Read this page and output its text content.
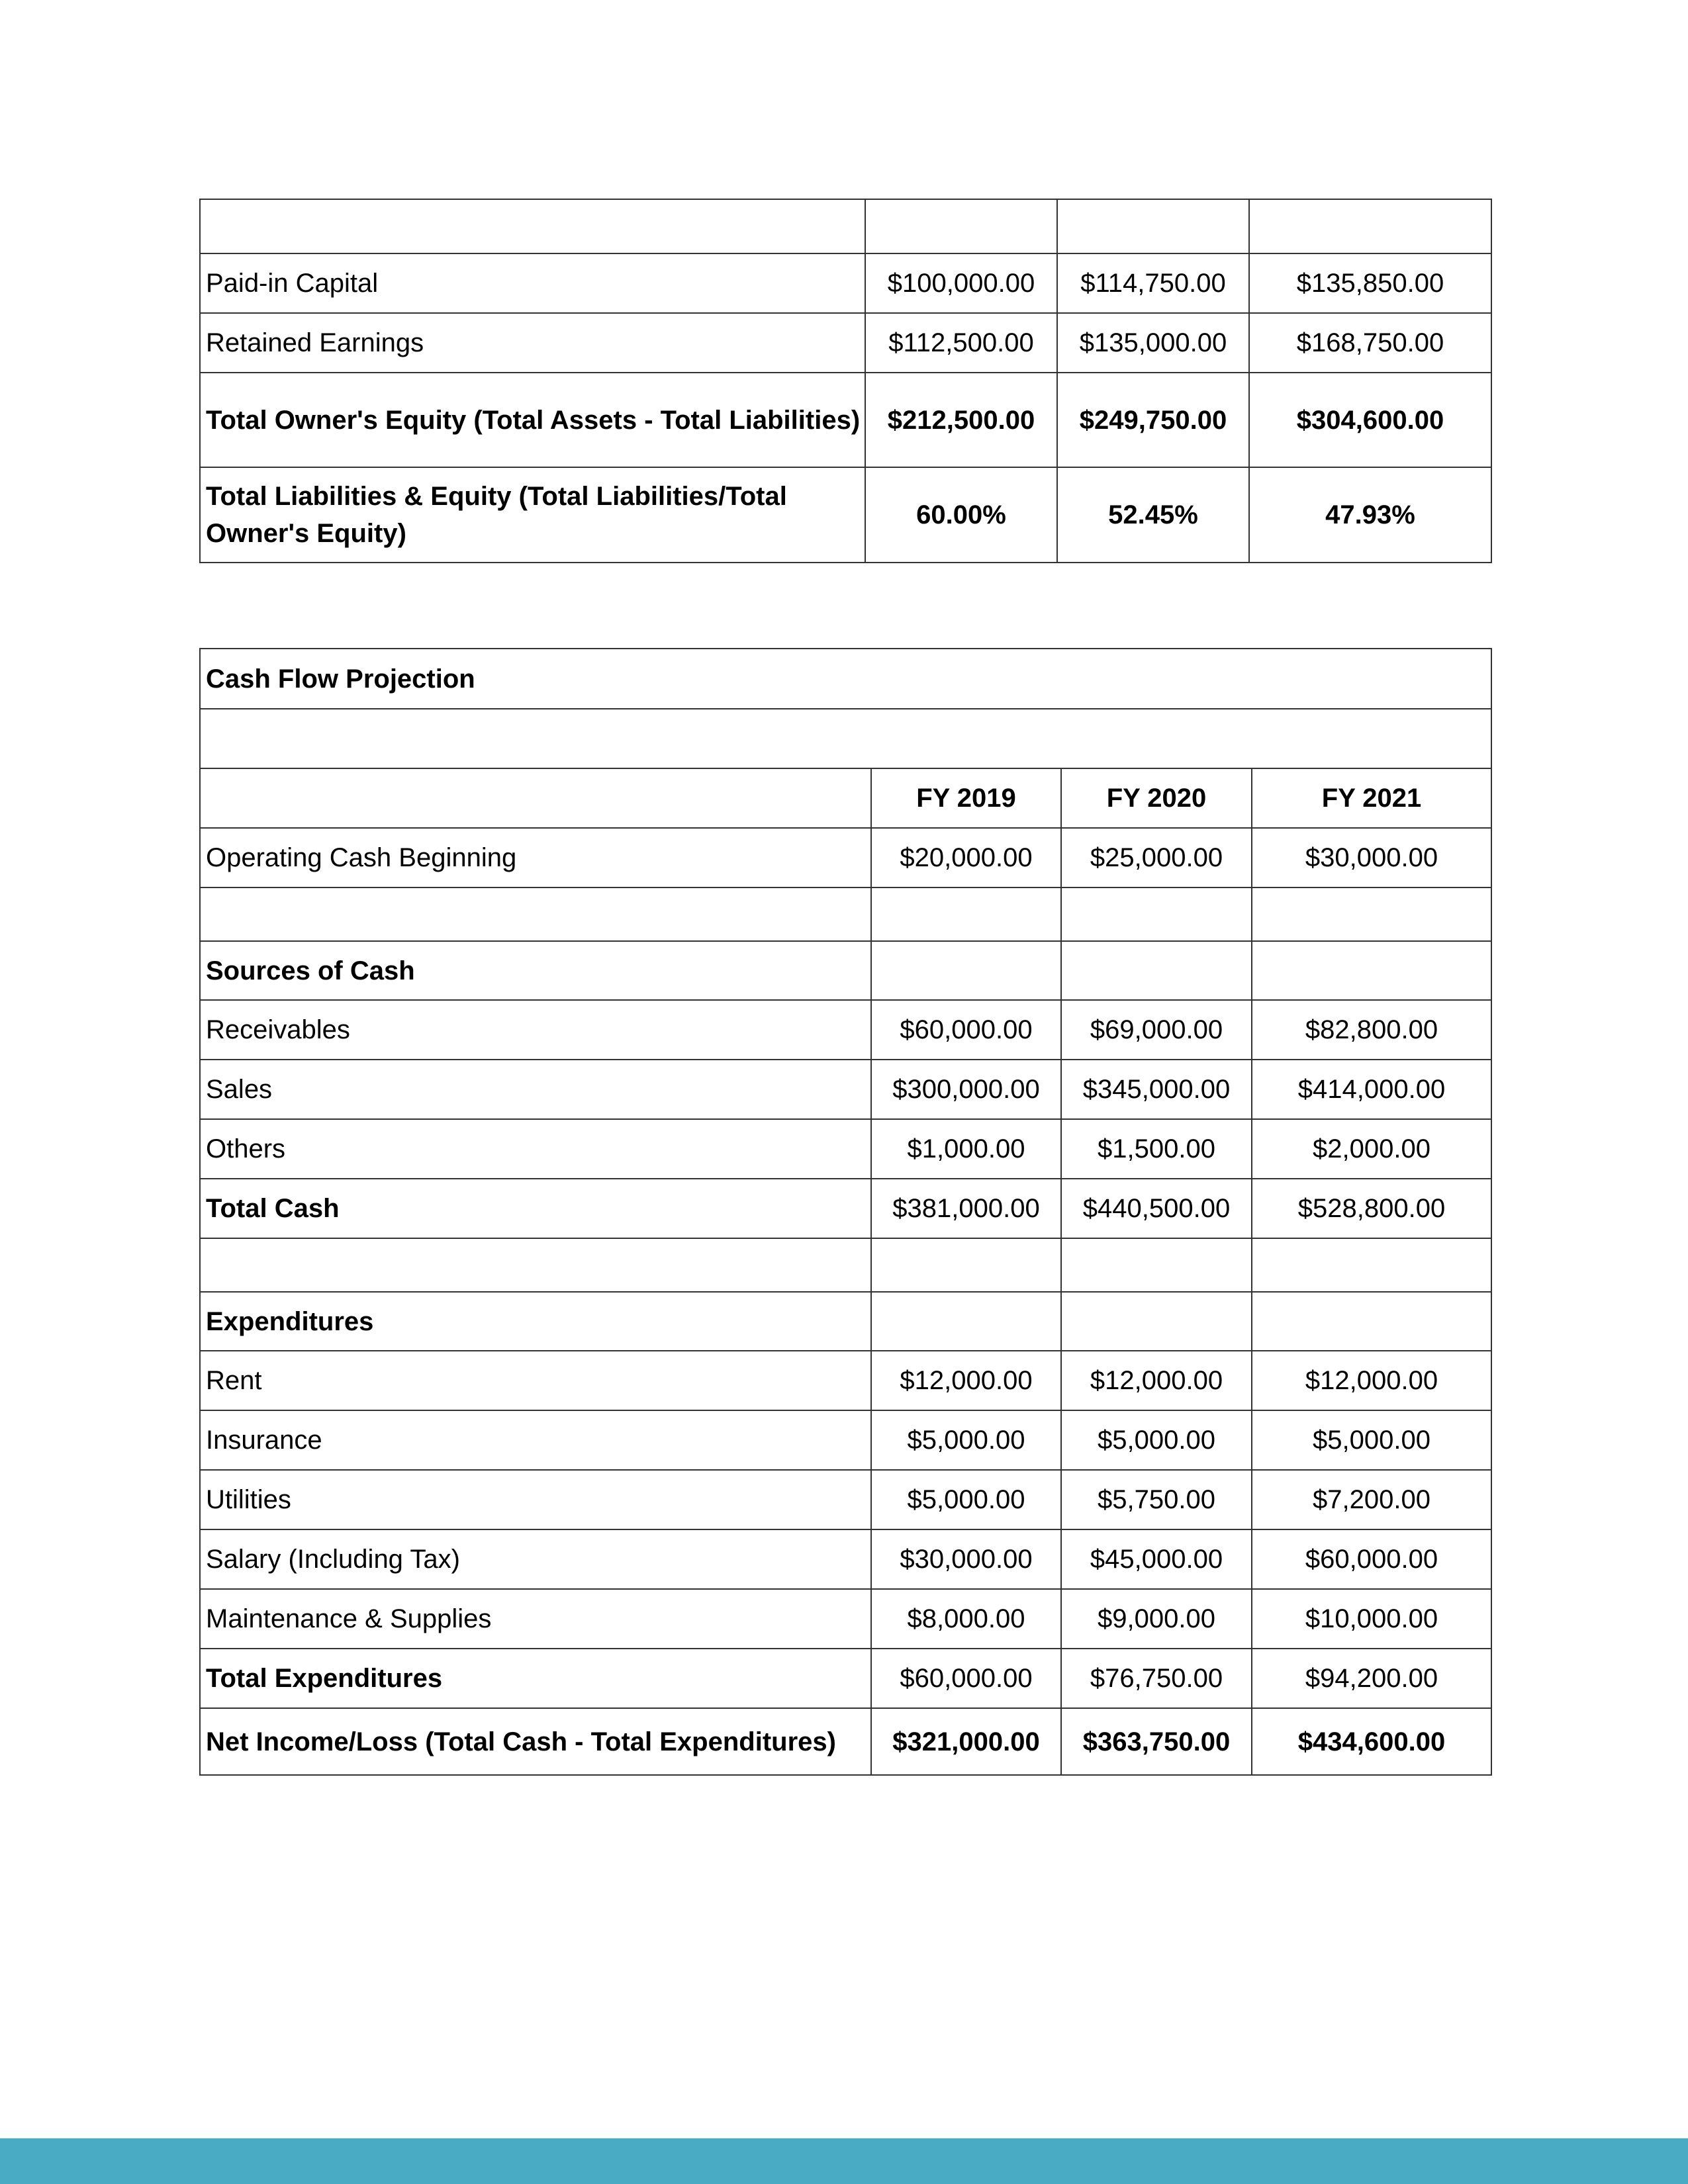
Paid-in Capital	$100,000.00	$114,750.00	$135,850.00
Retained Earnings	$112,500.00	$135,000.00	$168,750.00
Total Owner's Equity (Total Assets - Total Liabilities)	$212,500.00	$249,750.00	$304,600.00
Total Liabilities & Equity (Total Liabilities/Total Owner's Equity)	60.00%	52.45%	47.93%
Cash Flow Projection			

	FY 2019	FY 2020	FY 2021
Operating Cash Beginning	$20,000.00	$25,000.00	$30,000.00

Sources of Cash			
Receivables	$60,000.00	$69,000.00	$82,800.00
Sales	$300,000.00	$345,000.00	$414,000.00
Others	$1,000.00	$1,500.00	$2,000.00
Total Cash	$381,000.00	$440,500.00	$528,800.00

Expenditures			
Rent	$12,000.00	$12,000.00	$12,000.00
Insurance	$5,000.00	$5,000.00	$5,000.00
Utilities	$5,000.00	$5,750.00	$7,200.00
Salary (Including Tax)	$30,000.00	$45,000.00	$60,000.00
Maintenance & Supplies	$8,000.00	$9,000.00	$10,000.00
Total Expenditures	$60,000.00	$76,750.00	$94,200.00
Net Income/Loss (Total Cash - Total Expenditures)	$321,000.00	$363,750.00	$434,600.00
